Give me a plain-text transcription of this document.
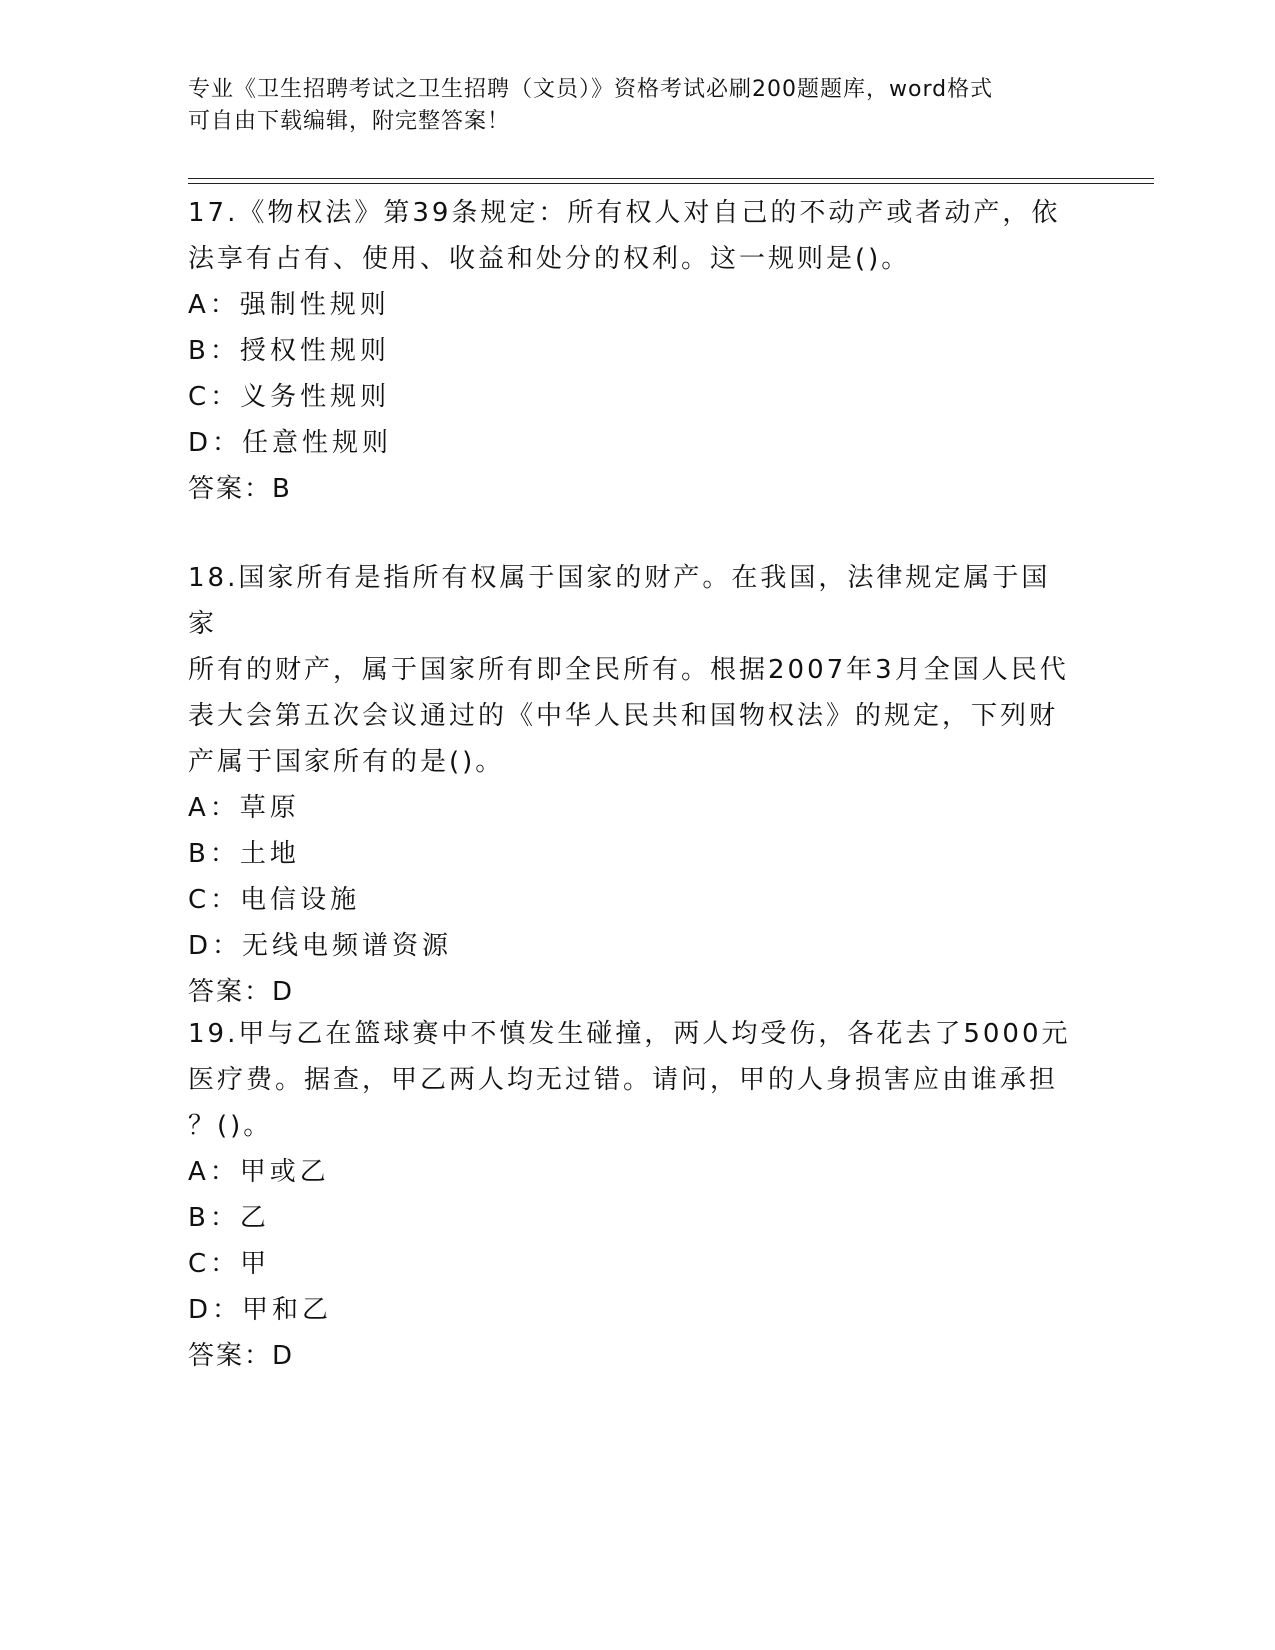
专业《卫生招聘考试之卫生招聘（文员）》资格考试必刷200题题库，word格式
可自由下载编辑，附完整答案！

17.《物权法》第39条规定：所有权人对自己的不动产或者动产，依

法享有占有、使用、收益和处分的权利。这一规则是()。

A：强制性规则

B：授权性规则

C：义务性规则

D：任意性规则

答案：B

18.国家所有是指所有权属于国家的财产。在我国，法律规定属于国家

所有的财产，属于国家所有即全民所有。根据2007年3月全国人民代

表大会第五次会议通过的《中华人民共和国物权法》的规定，下列财

产属于国家所有的是()。

A：草原

B：土地

C：电信设施

D：无线电频谱资源

答案：D

19.甲与乙在篮球赛中不慎发生碰撞，两人均受伤，各花去了5000元

医疗费。据查，甲乙两人均无过错。请问，甲的人身损害应由谁承担

？()。

A：甲或乙

B：乙

C：甲

D：甲和乙

答案：D
